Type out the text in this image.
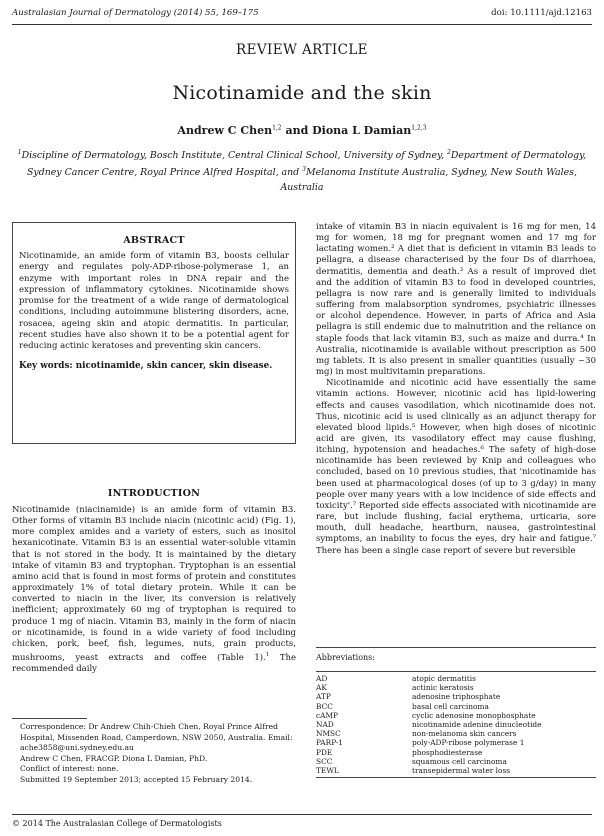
Australasian Journal of Dermatology (2014) 55, 169–175	doi: 10.1111/ajd.12163
REVIEW ARTICLE
Nicotinamide and the skin
Andrew C Chen$^{1,2}$ and Diona L Damian$^{1,2,3}$
$^1$Discipline of Dermatology, Bosch Institute, Central Clinical School, University of Sydney, $^2$Department of Dermatology, Sydney Cancer Centre, Royal Prince Alfred Hospital, and $^3$Melanoma Institute Australia, Sydney, New South Wales, Australia
ABSTRACT

Nicotinamide, an amide form of vitamin B3, boosts cellular energy and regulates poly-ADP-ribose-polymerase 1, an enzyme with important roles in DNA repair and the expression of inflammatory cytokines. Nicotinamide shows promise for the treatment of a wide range of dermatological conditions, including autoimmune blistering disorders, acne, rosacea, ageing skin and atopic dermatitis. In particular, recent studies have also shown it to be a potential agent for reducing actinic keratoses and preventing skin cancers.

Key words: nicotinamide, skin cancer, skin disease.
INTRODUCTION

Nicotinamide (niacinamide) is an amide form of vitamin B3. Other forms of vitamin B3 include niacin (nicotinic acid) (Fig. 1), more complex amides and a variety of esters, such as inositol hexanicotinate. Vitamin B3 is an essential water-soluble vitamin that is not stored in the body. It is maintained by the dietary intake of vitamin B3 and tryptophan. Tryptophan is an essential amino acid that is found in most forms of protein and constitutes approximately 1% of total dietary protein. While it can be converted to niacin in the liver, its conversion is relatively inefficient; approximately 60 mg of tryptophan is required to produce 1 mg of niacin. Vitamin B3, mainly in the form of niacin or nicotinamide, is found in a wide variety of food including chicken, pork, beef, fish, legumes, nuts, grain products, mushrooms, yeast extracts and coffee (Table 1).$^1$ The recommended daily

Correspondence: Dr Andrew Chih-Chieh Chen, Royal Prince Alfred Hospital, Missenden Road, Camperdown, NSW 2050, Australia. Email: ache3858@uni.sydney.edu.au

Andrew C Chen, FRACGP. Diona L Damian, PhD.

Conflict of interest: none.

Submitted 19 September 2013; accepted 15 February 2014.

intake of vitamin B3 in niacin equivalent is 16 mg for men, 14 mg for women, 18 mg for pregnant women and 17 mg for lactating women.² A diet that is deficient in vitamin B3 leads to pellagra, a disease characterised by the four Ds of diarrhoea, dermatitis, dementia and death.³ As a result of improved diet and the addition of vitamin B3 to food in developed countries, pellagra is now rare and is generally limited to individuals suffering from malabsorption syndromes, psychiatric illnesses or alcohol dependence. However, in parts of Africa and Asia pellagra is still endemic due to malnutrition and the reliance on staple foods that lack vitamin B3, such as maize and durra.⁴ In Australia, nicotinamide is available without prescription as 500 mg tablets. It is also present in smaller quantities (usually ~30 mg) in most multivitamin preparations.

Nicotinamide and nicotinic acid have essentially the same vitamin actions. However, nicotinic acid has lipid-lowering effects and causes vasodilation, which nicotinamide does not. Thus, nicotinic acid is used clinically as an adjunct therapy for elevated blood lipids.⁵ However, when high doses of nicotinic acid are given, its vasodilatory effect may cause flushing, itching, hypotension and headaches.⁶ The safety of high-dose nicotinamide has been reviewed by Knip and colleagues who concluded, based on 10 previous studies, that 'nicotinamide has been used at pharmacological doses (of up to 3 g/day) in many people over many years with a low incidence of side effects and toxicity'.⁷ Reported side effects associated with nicotinamide are rare, but include flushing, facial erythema, urticaria, sore mouth, dull headache, heartburn, nausea, gastrointestinal symptoms, an inability to focus the eyes, dry hair and fatigue.⁷ There has been a single case report of severe but reversible

Abbreviations:
AD	atopic dermatitis
AK	actinic keratosis
ATP	adenosine triphosphate
BCC	basal cell carcinoma
cAMP	cyclic adenosine monophosphate
NAD	nicotinamide adenine dinucleotide
NMSC	non-melanoma skin cancers
PARP-1	poly-ADP-ribose polymerase 1
PDE	phosphodiesterase
SCC	squamous cell carcinoma
TEWL	transepidermal water loss
© 2014 The Australasian College of Dermatologists
